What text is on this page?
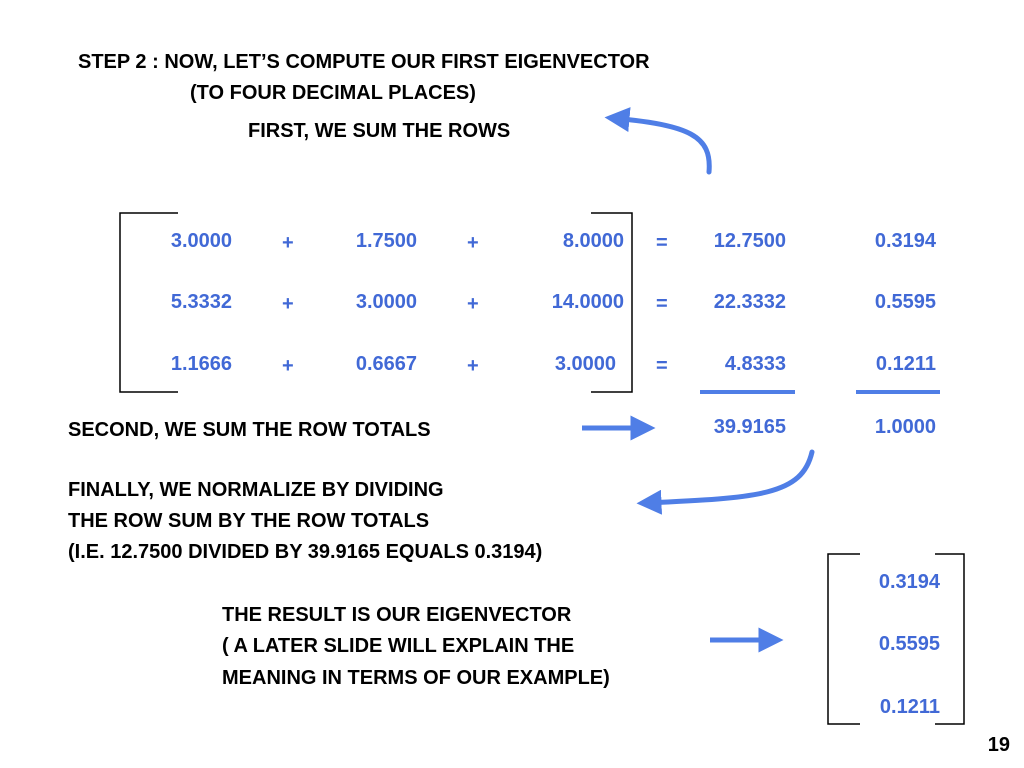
STEP 2 : NOW, LET’S COMPUTE OUR FIRST EIGENVECTOR
(TO FOUR DECIMAL PLACES)
FIRST, WE SUM THE ROWS
3.0000	+	1.7500	+	8.0000 = 12.7500	0.3194
5.3332	+	3.0000	+	14.0000 = 22.3332	0.5595
1.1666	+	0.6667	+	3.0000 =	4.8333	0.1211
SECOND, WE SUM THE ROW TOTALS	39.9165	1.0000
FINALLY, WE NORMALIZE BY DIVIDING
THE ROW SUM BY THE ROW TOTALS
(I.E. 12.7500 DIVIDED BY 39.9165 EQUALS 0.3194)
THE RESULT IS OUR EIGENVECTOR
( A LATER SLIDE WILL EXPLAIN THE
MEANING IN TERMS OF OUR EXAMPLE)
0.3194
0.5595
0.1211
19
